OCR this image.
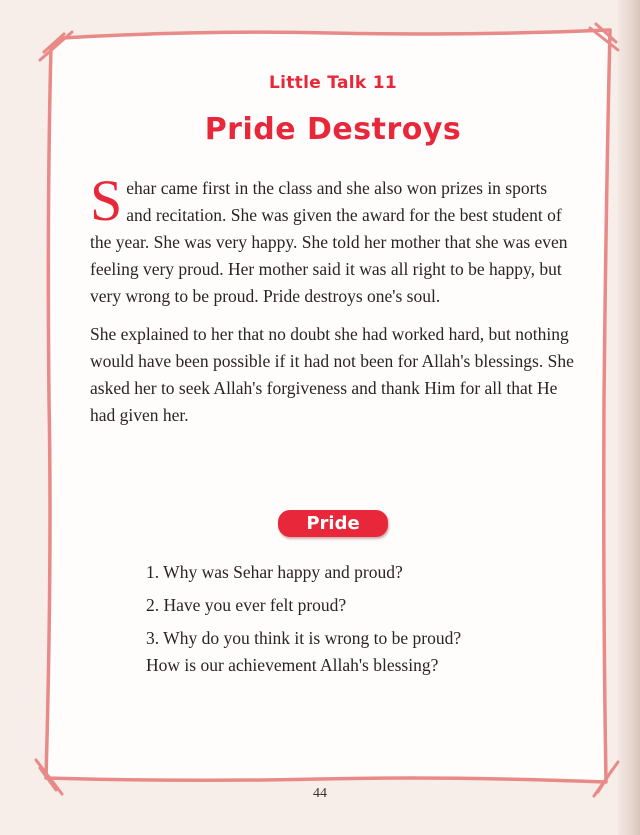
Little Talk 11
Pride Destroys

Sehar came first in the class and she also won prizes in sports and recitation. She was given the award for the best student of the year. She was very happy. She told her mother that she was even feeling very proud. Her mother said it was all right to be happy, but very wrong to be proud. Pride destroys one's soul.

She explained to her that no doubt she had worked hard, but nothing would have been possible if it had not been for Allah's blessings. She asked her to seek Allah's forgiveness and thank Him for all that He had given her.

Pride
1. Why was Sehar happy and proud?
2. Have you ever felt proud?
3. Why do you think it is wrong to be proud?
How is our achievement Allah's blessing?
44
